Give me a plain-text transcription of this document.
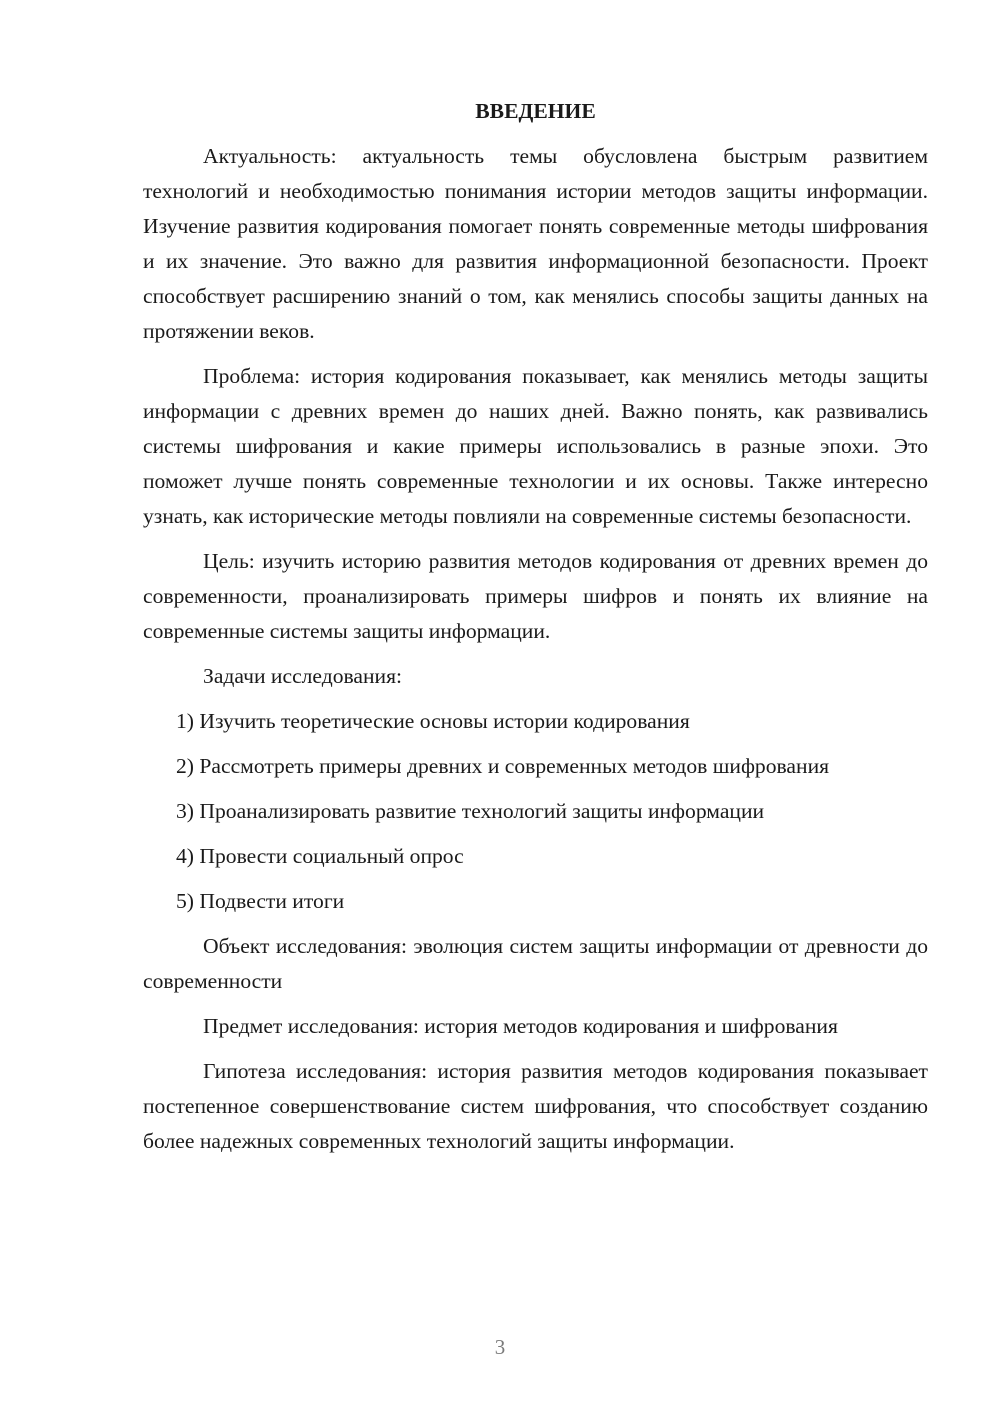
ВВЕДЕНИЕ

Актуальность: актуальность темы обусловлена быстрым развитием технологий и необходимостью понимания истории методов защиты информации. Изучение развития кодирования помогает понять современные методы шифрования и их значение. Это важно для развития информационной безопасности. Проект способствует расширению знаний о том, как менялись способы защиты данных на протяжении веков.

Проблема: история кодирования показывает, как менялись методы защиты информации с древних времен до наших дней. Важно понять, как развивались системы шифрования и какие примеры использовались в разные эпохи. Это поможет лучше понять современные технологии и их основы. Также интересно узнать, как исторические методы повлияли на современные системы безопасности.

Цель: изучить историю развития методов кодирования от древних времен до современности, проанализировать примеры шифров и понять их влияние на современные системы защиты информации.

Задачи исследования:

1) Изучить теоретические основы истории кодирования
2) Рассмотреть примеры древних и современных методов шифрования
3) Проанализировать развитие технологий защиты информации
4) Провести социальный опрос
5) Подвести итоги

Объект исследования: эволюция систем защиты информации от древности до современности

Предмет исследования: история методов кодирования и шифрования

Гипотеза исследования: история развития методов кодирования показывает постепенное совершенствование систем шифрования, что способствует созданию более надежных современных технологий защиты информации.

3
